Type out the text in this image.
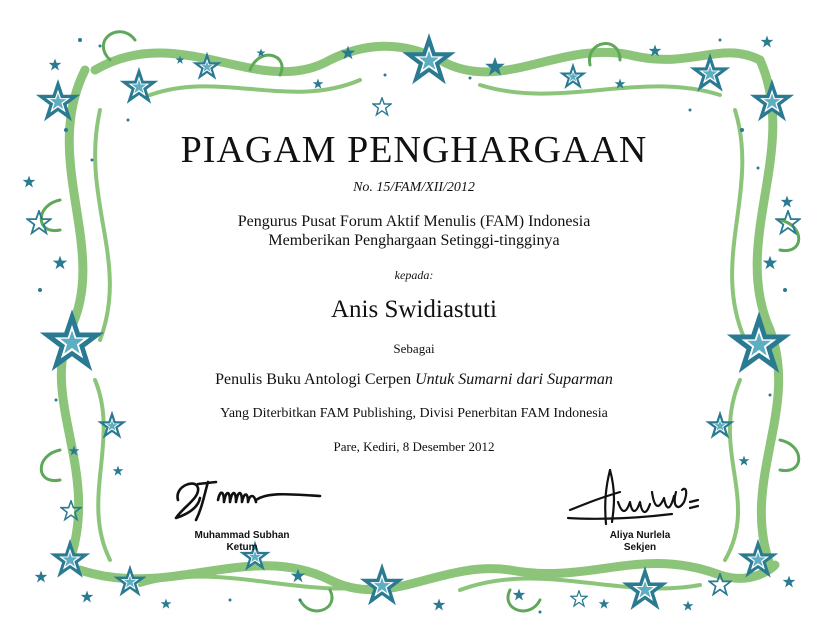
PIAGAM PENGHARGAAN
No. 15/FAM/XII/2012
Pengurus Pusat Forum Aktif Menulis (FAM) Indonesia
Memberikan Penghargaan Setinggi-tingginya
kepada:
Anis Swidiastuti
Sebagai
Penulis Buku Antologi Cerpen Untuk Sumarni dari Suparman
Yang Diterbitkan FAM Publishing, Divisi Penerbitan FAM Indonesia
Pare, Kediri, 8 Desember 2012
Muhammad Subhan
Ketum
Aliya Nurlela
Sekjen
